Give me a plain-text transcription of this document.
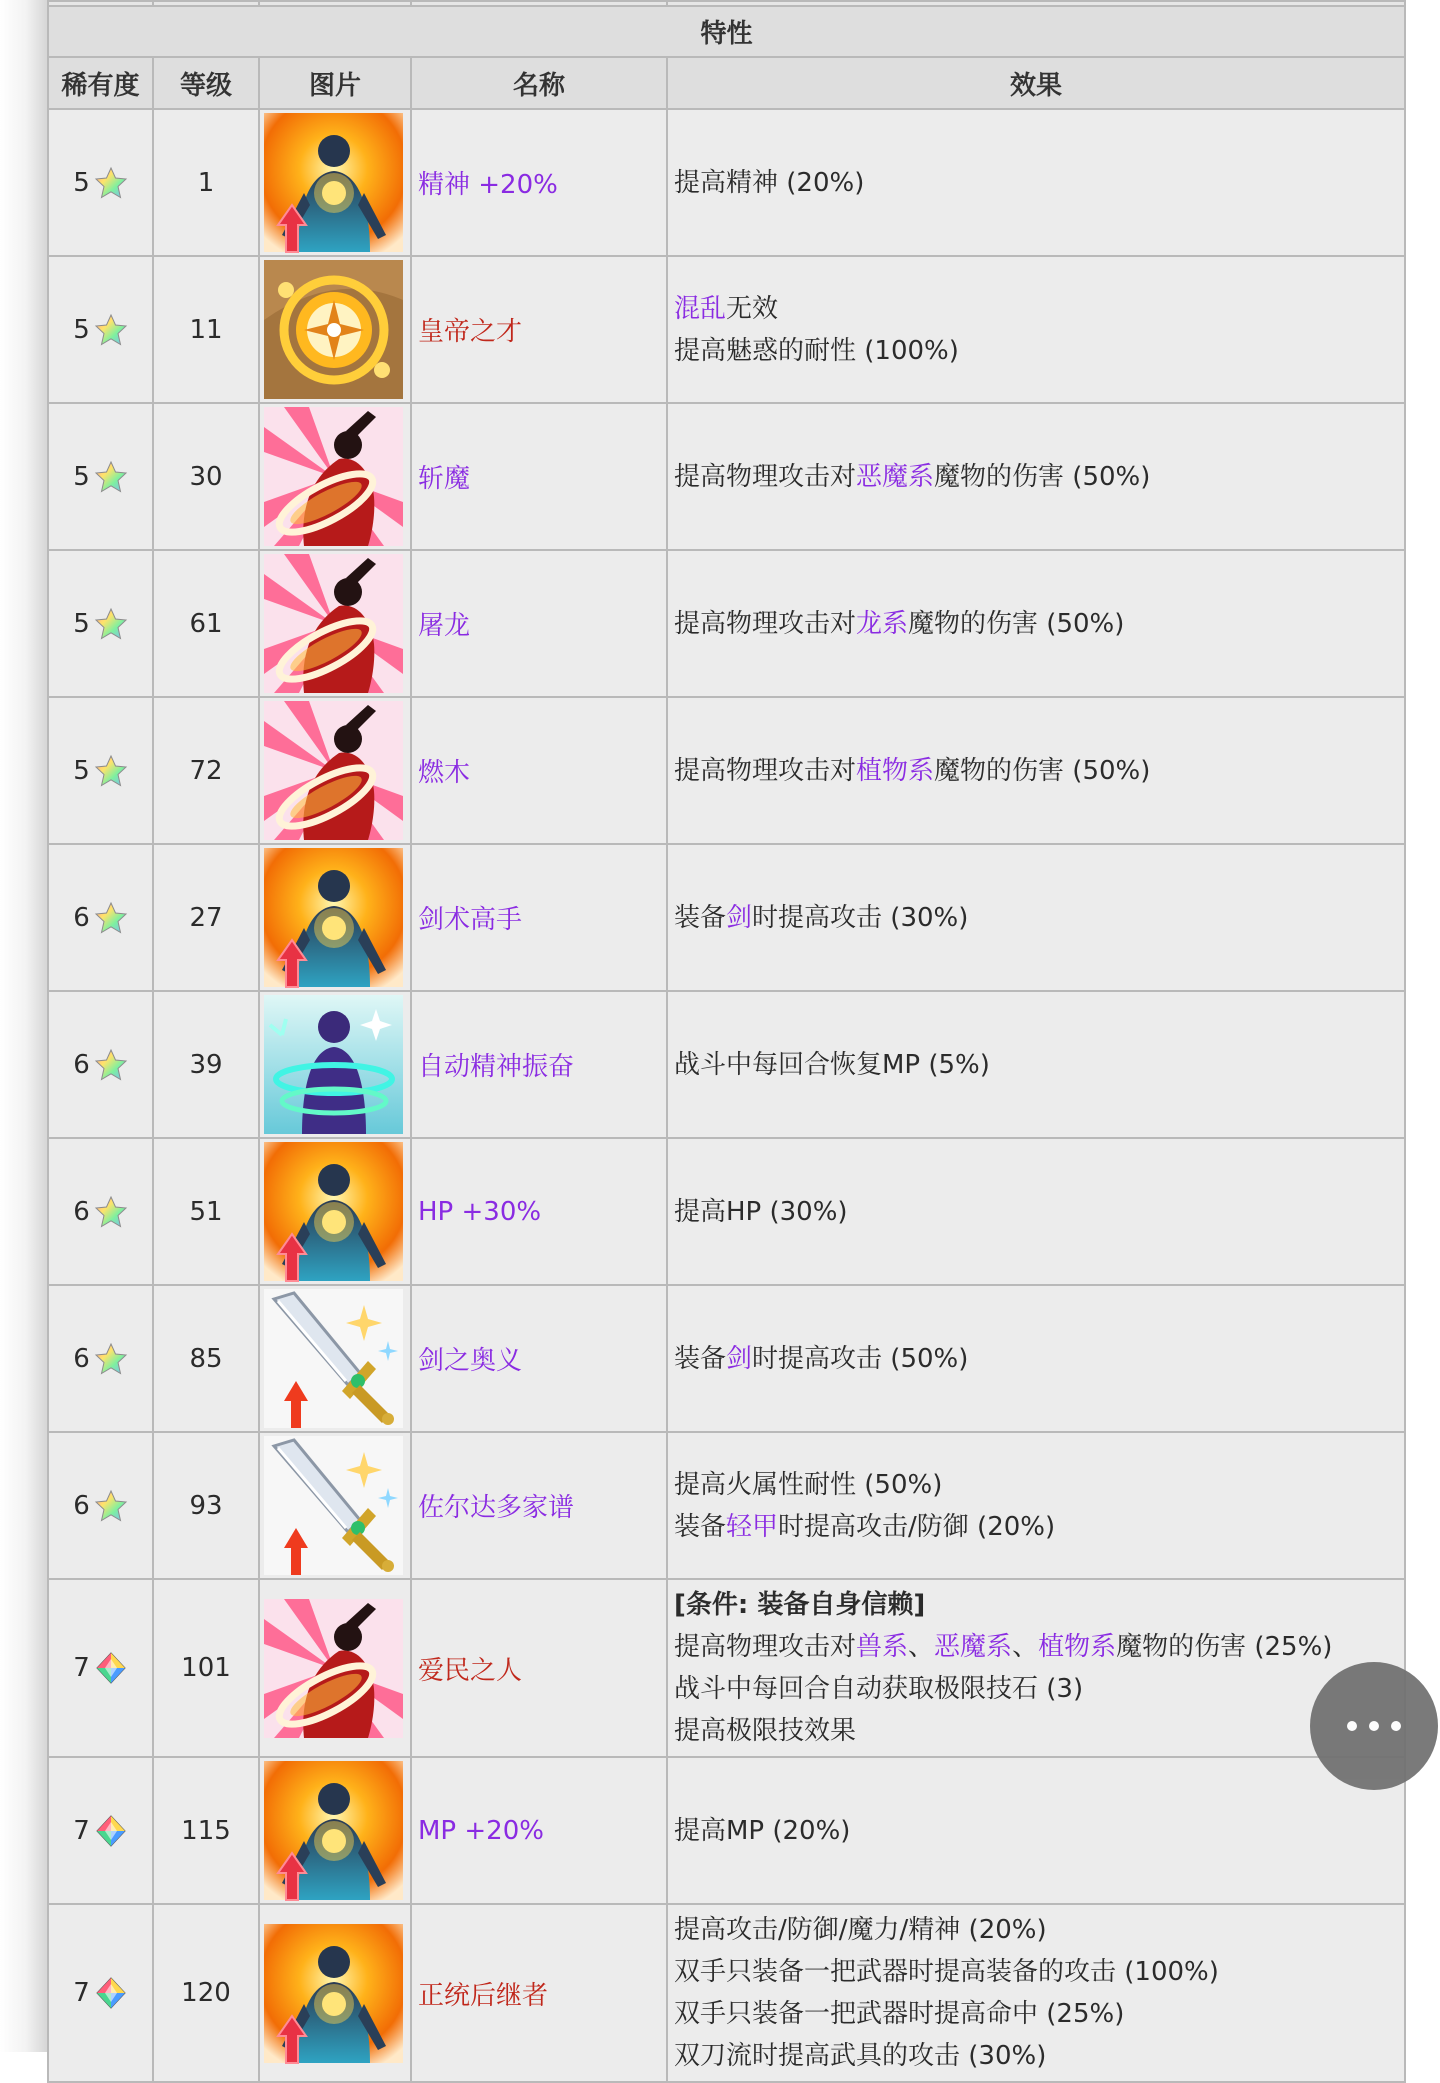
特性				
稀有度	等级	图片	名称	效果
5	1		精神 +20%	提高精神 (20%)

5	11		皇帝之才	混乱无效
提高魅惑的耐性 (100%)

5	30		斩魔	提高物理攻击对恶魔系魔物的伤害 (50%)

5	61		屠龙	提高物理攻击对龙系魔物的伤害 (50%)

5	72		燃木	提高物理攻击对植物系魔物的伤害 (50%)

6	27		剑术高手	装备剑时提高攻击 (30%)

6	39		自动精神振奋	战斗中每回合恢复MP (5%)

6	51		HP +30%	提高HP (30%)

6	85		剑之奥义	装备剑时提高攻击 (50%)

6	93		佐尔达多家谱	提高火属性耐性 (50%)
装备轻甲时提高攻击/防御 (20%)

7	101		爱民之人	[条件: 装备自身信赖]
提高物理攻击对兽系、恶魔系、植物系魔物的伤害 (25%)
战斗中每回合自动获取极限技石 (3)
提高极限技效果

7	115		MP +20%	提高MP (20%)

7	120		正统后继者	提高攻击/防御/魔力/精神 (20%)
双手只装备一把武器时提高装备的攻击 (100%)
双手只装备一把武器时提高命中 (25%)
双刀流时提高武具的攻击 (30%)
